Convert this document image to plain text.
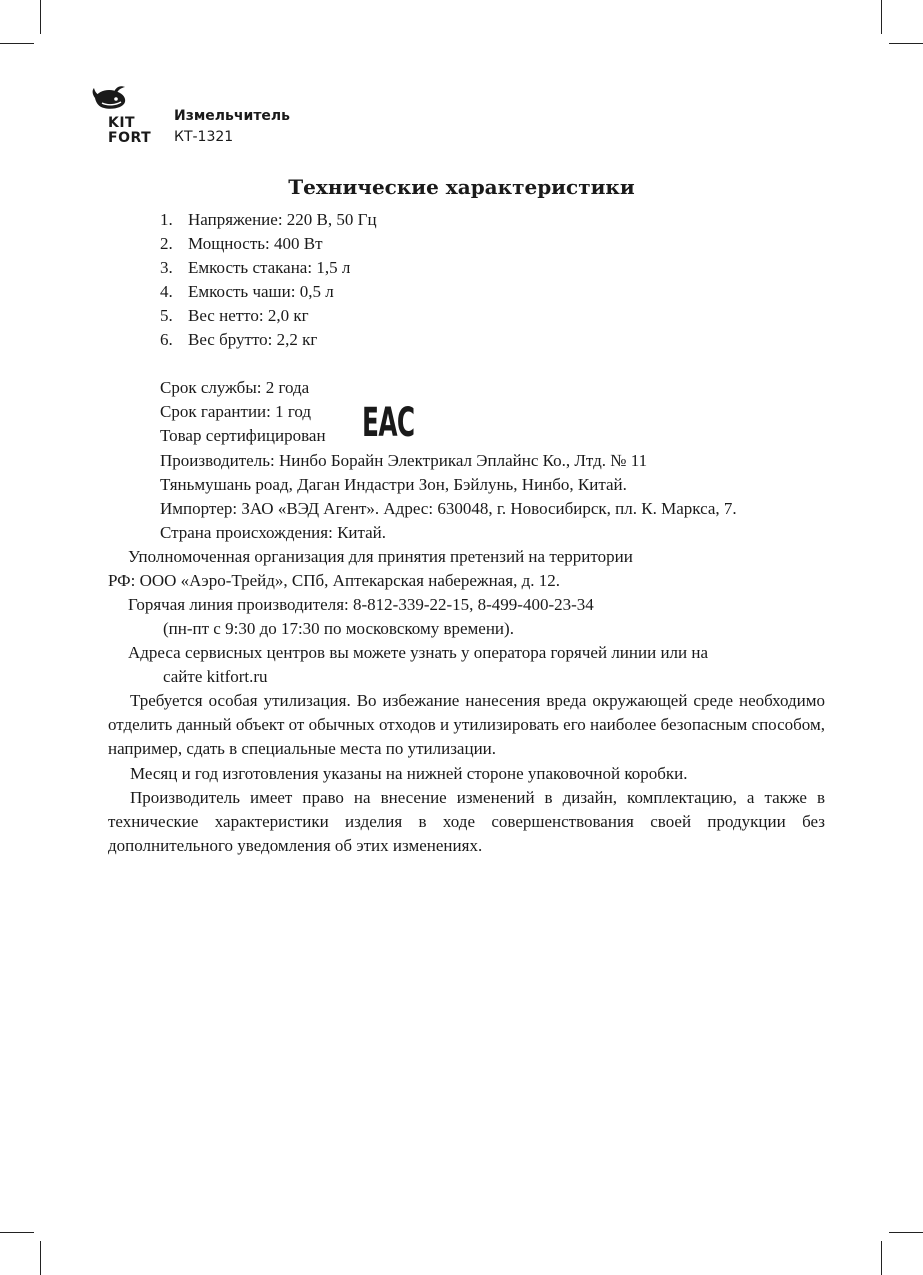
KIT
FORT
Измельчитель
КТ-1321
Технические характеристики
1. Напряжение: 220 В, 50 Гц
2. Мощность: 400 Вт
3. Емкость стакана: 1,5 л
4. Емкость чаши: 0,5 л
5. Вес нетто: 2,0 кг
6. Вес брутто: 2,2 кг
Срок службы: 2 года
Срок гарантии: 1 год
Товар сертифицирован EAC
Производитель: Нинбо Борайн Электрикал Эплайнс Ко., Лтд. № 11
Тяньмушань роад, Даган Индастри Зон, Бэйлунь, Нинбо, Китай.
Импортер: ЗАО «ВЭД Агент». Адрес: 630048, г. Новосибирск, пл. К. Маркса, 7.
Страна происхождения: Китай.
Уполномоченная организация для принятия претензий на территории
РФ: ООО «Аэро-Трейд», СПб, Аптекарская набережная, д. 12.
Горячая линия производителя: 8-812-339-22-15, 8-499-400-23-34
(пн-пт с 9:30 до 17:30 по московскому времени).
Адреса сервисных центров вы можете узнать у оператора горячей линии или на
сайте kitfort.ru

Требуется особая утилизация. Во избежание нанесения вреда окружающей среде необходимо отделить данный объект от обычных отходов и утилизировать его наиболее безопасным способом, например, сдать в специальные места по утилизации.

Месяц и год изготовления указаны на нижней стороне упаковочной коробки.

Производитель имеет право на внесение изменений в дизайн, комплектацию, а также в технические характеристики изделия в ходе совершенствования своей продукции без дополнительного уведомления об этих изменениях.
